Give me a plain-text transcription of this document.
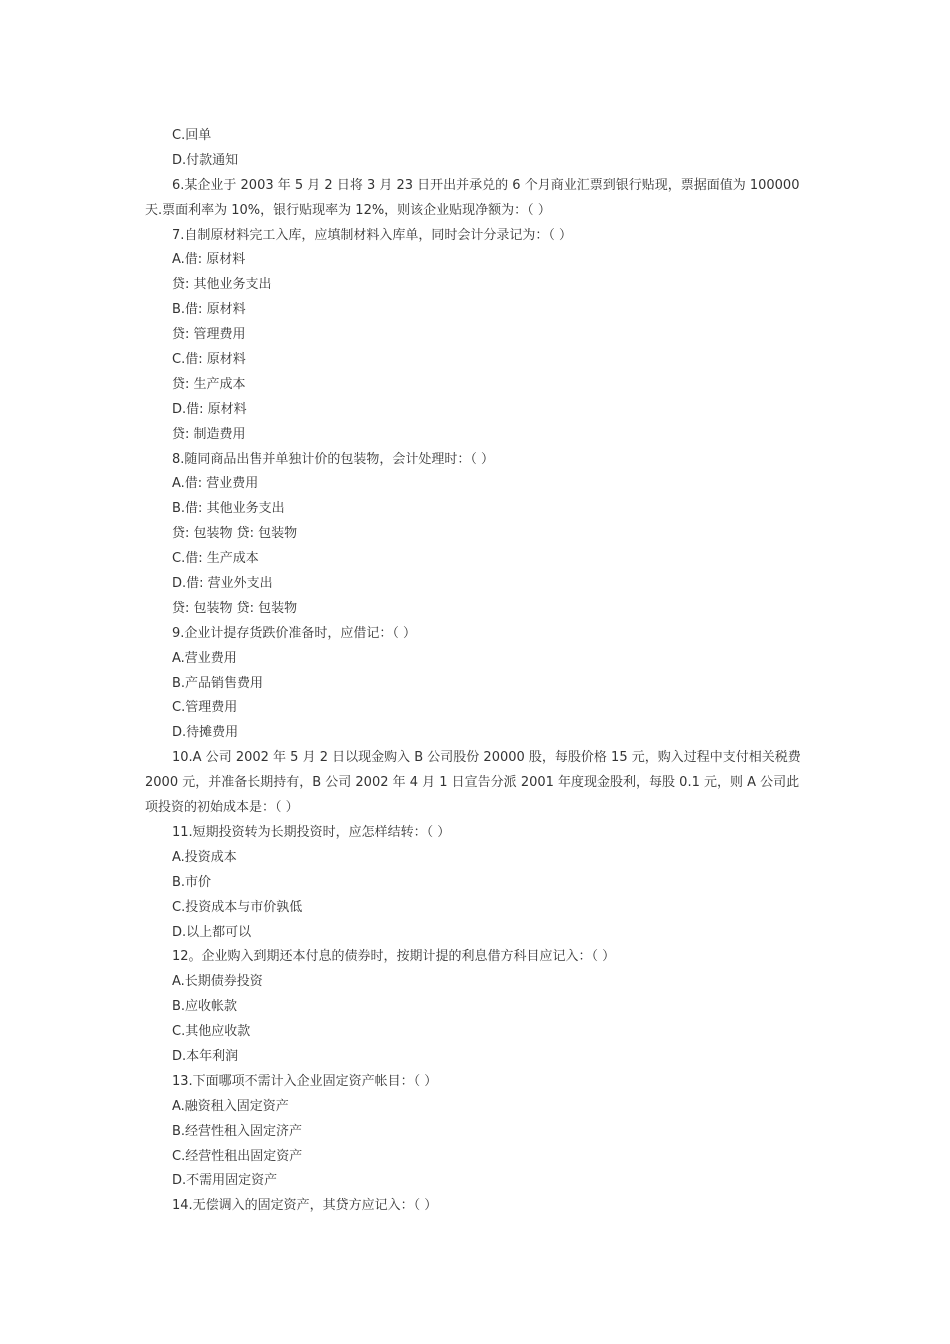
C.回单
D.付款通知
6.某企业于 2003 年 5 月 2 日将 3 月 23 日开出并承兑的 6 个月商业汇票到银行贴现，票据面值为 100000
天.票面利率为 10%，银行贴现率为 12%，则该企业贴现净额为：（ ）
7.自制原材料完工入库，应填制材料入库单，同时会计分录记为：（ ）
A.借: 原材料
贷: 其他业务支出
B.借: 原材料
贷: 管理费用
C.借: 原材料
贷: 生产成本
D.借: 原材料
贷: 制造费用
8.随同商品出售并单独计价的包装物，会计处理时：（ ）
A.借: 营业费用
B.借: 其他业务支出
贷: 包装物 贷: 包装物
C.借: 生产成本
D.借: 营业外支出
贷: 包装物 贷: 包装物
9.企业计提存货跌价准备时，应借记：（ ）
A.营业费用
B.产品销售费用
C.管理费用
D.待摊费用
10.A 公司 2002 年 5 月 2 日以现金购入 B 公司股份 20000 股，每股价格 15 元，购入过程中支付相关税费
2000 元，并准备长期持有，B 公司 2002 年 4 月 1 日宣告分派 2001 年度现金股利，每股 0.1 元，则 A 公司此
项投资的初始成本是：（ ）
11.短期投资转为长期投资时，应怎样结转：（ ）
A.投资成本
B.市价
C.投资成本与市价孰低
D.以上都可以
12。企业购入到期还本付息的债券时，按期计提的利息借方科目应记入：（ ）
A.长期债券投资
B.应收帐款
C.其他应收款
D.本年利润
13.下面哪项不需计入企业固定资产帐目：（ ）
A.融资租入固定资产
B.经营性租入固定济产
C.经营性租出固定资产
D.不需用固定资产
14.无偿调入的固定资产，其贷方应记入：（ ）
